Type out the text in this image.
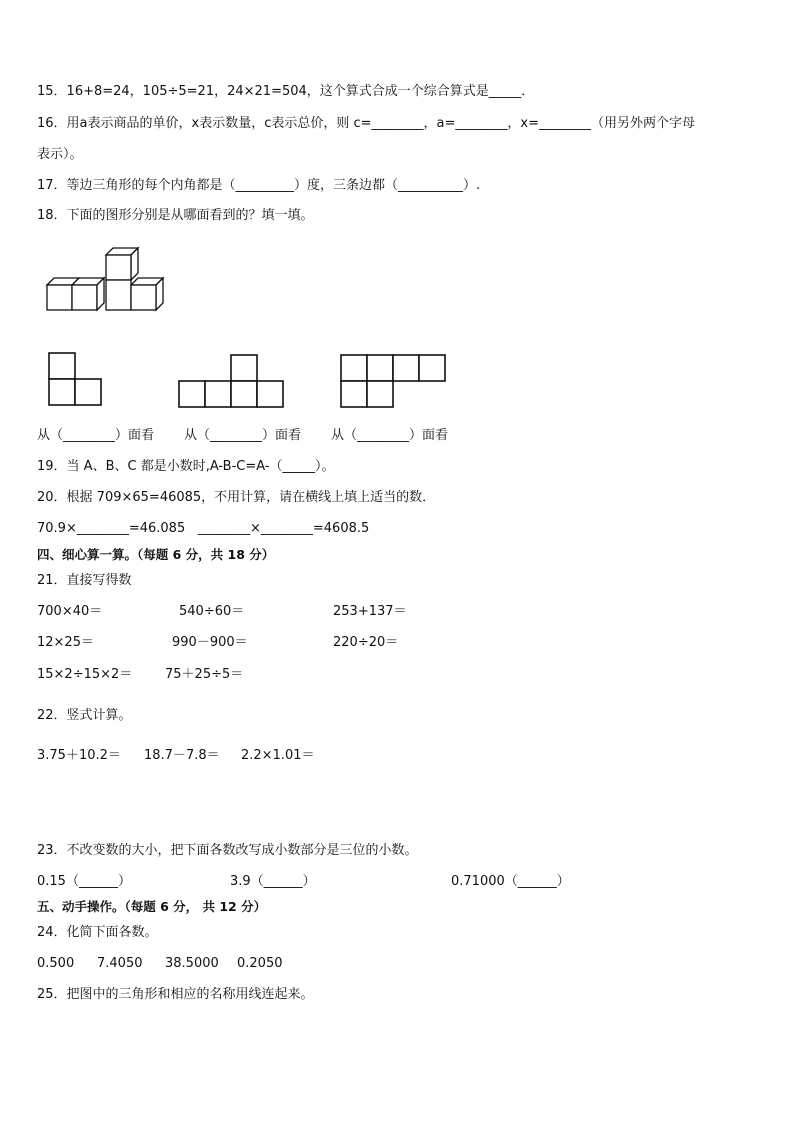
15．16+8=24，105÷5=21，24×21=504，这个算式合成一个综合算式是_____．
16．用a表示商品的单价，x表示数量，c表示总价，则 c=________，a=________，x=________（用另外两个字母
表示）。
17．等边三角形的每个内角都是（_________）度，三条边都（__________）.
18．下面的图形分别是从哪面看到的？填一填。
从（________）面看 从（________）面看 从（________）面看
19．当 A、B、C 都是小数时,A-B-C=A-（_____）。
20．根据 709×65=46085，不用计算，请在横线上填上适当的数．
70.9×________=46.085 ________×________=4608.5
四、细心算一算。（每题 6 分，共 18 分）
21．直接写得数
700×40＝	540÷60＝	253+137＝
12×25＝	990－900＝	220÷20＝
15×2÷15×2＝	75＋25÷5＝
22．竖式计算。
3.75＋10.2＝ 18.7－7.8＝ 2.2×1.01＝
23．不改变数的大小，把下面各数改写成小数部分是三位的小数。
0.15（______）	3.9（______）	0.71000（______）
五、动手操作。（每题 6 分， 共 12 分）
24．化简下面各数。
0.500 7.4050 38.5000 0.2050
25．把图中的三角形和相应的名称用线连起来。
